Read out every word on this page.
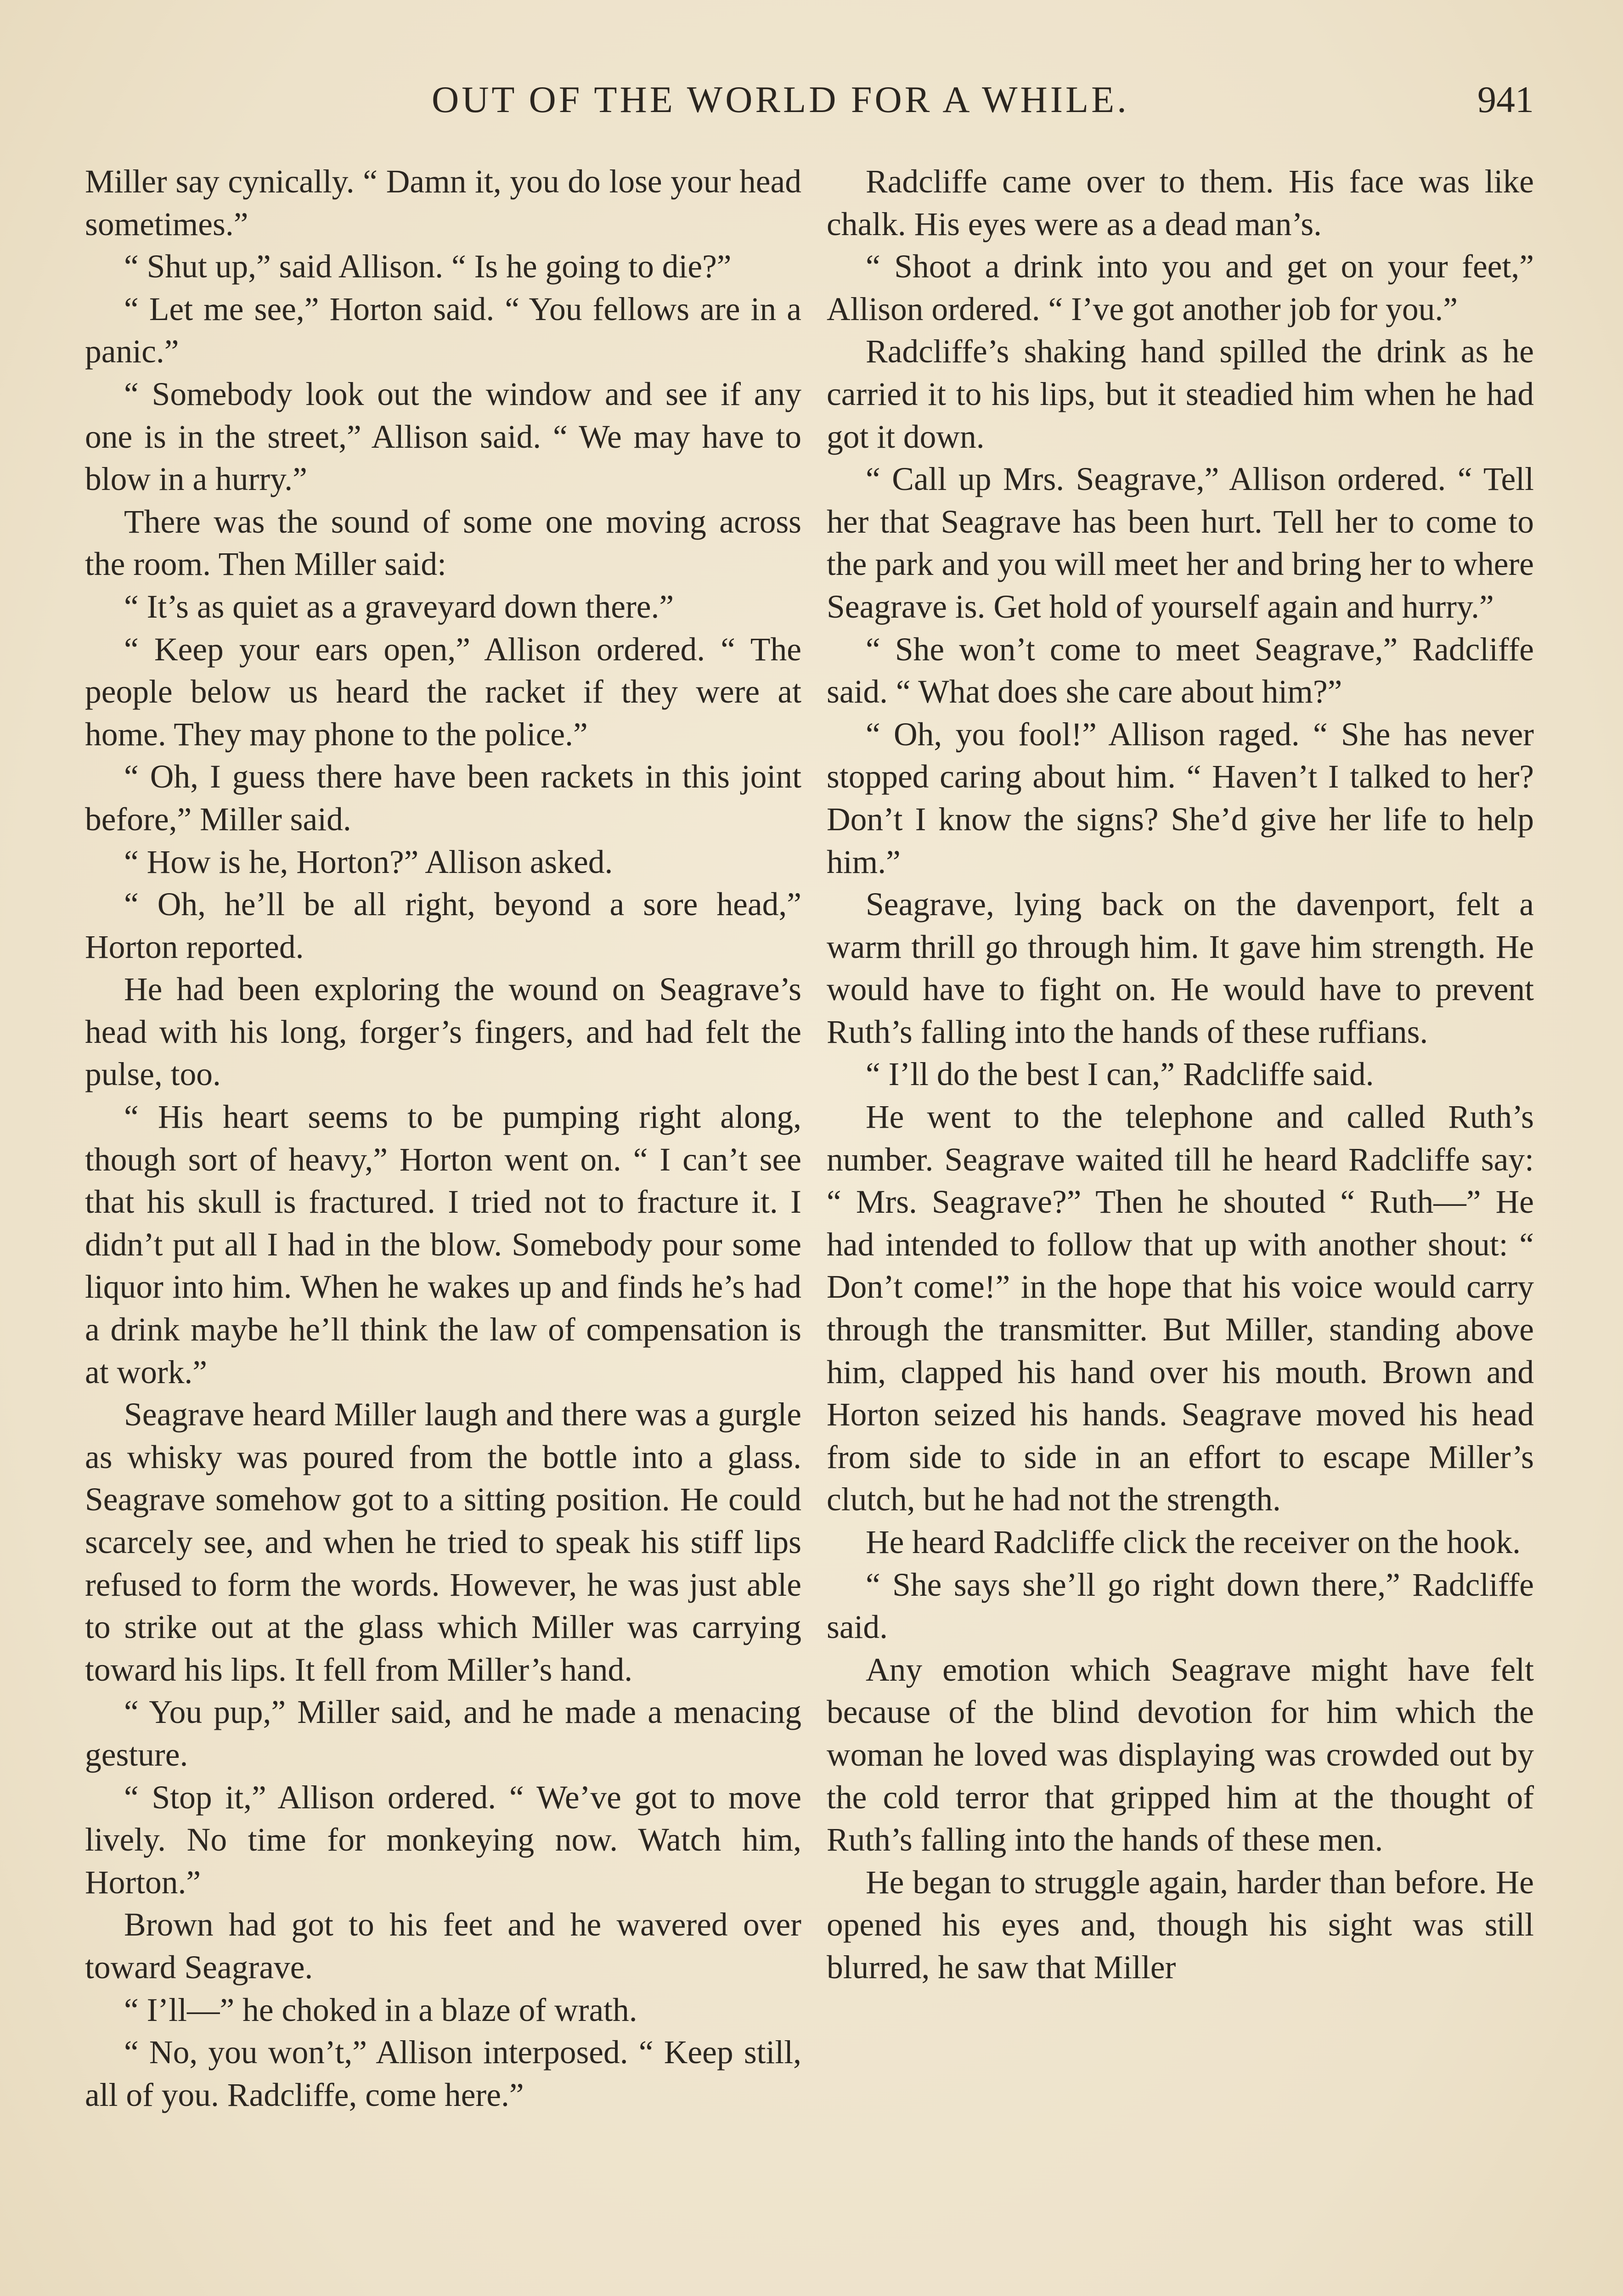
OUT OF THE WORLD FOR A WHILE.	941

Miller say cynically. “ Damn it, you do lose your head sometimes.”

“ Shut up,” said Allison. “ Is he going to die?”

“ Let me see,” Horton said. “ You fellows are in a panic.”

“ Somebody look out the window and see if any one is in the street,” Allison said. “ We may have to blow in a hurry.”

There was the sound of some one moving across the room. Then Miller said:

“ It’s as quiet as a graveyard down there.”

“ Keep your ears open,” Allison ordered. “ The people below us heard the racket if they were at home. They may phone to the police.”

“ Oh, I guess there have been rackets in this joint before,” Miller said.

“ How is he, Horton?” Allison asked.

“ Oh, he’ll be all right, beyond a sore head,” Horton reported.

He had been exploring the wound on Seagrave’s head with his long, forger’s fingers, and had felt the pulse, too.

“ His heart seems to be pumping right along, though sort of heavy,” Horton went on. “ I can’t see that his skull is fractured. I tried not to fracture it. I didn’t put all I had in the blow. Somebody pour some liquor into him. When he wakes up and finds he’s had a drink maybe he’ll think the law of compensation is at work.”

Seagrave heard Miller laugh and there was a gurgle as whisky was poured from the bottle into a glass. Seagrave somehow got to a sitting position. He could scarcely see, and when he tried to speak his stiff lips refused to form the words. However, he was just able to strike out at the glass which Miller was carrying toward his lips. It fell from Miller’s hand.

“ You pup,” Miller said, and he made a menacing gesture.

“ Stop it,” Allison ordered. “ We’ve got to move lively. No time for monkeying now. Watch him, Horton.”

Brown had got to his feet and he wavered over toward Seagrave.

“ I’ll—” he choked in a blaze of wrath.

“ No, you won’t,” Allison interposed. “ Keep still, all of you. Radcliffe, come here.”

Radcliffe came over to them. His face was like chalk. His eyes were as a dead man’s.

“ Shoot a drink into you and get on your feet,” Allison ordered. “ I’ve got another job for you.”

Radcliffe’s shaking hand spilled the drink as he carried it to his lips, but it steadied him when he had got it down.

“ Call up Mrs. Seagrave,” Allison ordered. “ Tell her that Seagrave has been hurt. Tell her to come to the park and you will meet her and bring her to where Seagrave is. Get hold of yourself again and hurry.”

“ She won’t come to meet Seagrave,” Radcliffe said. “ What does she care about him?”

“ Oh, you fool!” Allison raged. “ She has never stopped caring about him. “ Haven’t I talked to her? Don’t I know the signs? She’d give her life to help him.”

Seagrave, lying back on the davenport, felt a warm thrill go through him. It gave him strength. He would have to fight on. He would have to prevent Ruth’s falling into the hands of these ruffians.

“ I’ll do the best I can,” Radcliffe said.

He went to the telephone and called Ruth’s number. Seagrave waited till he heard Radcliffe say: “ Mrs. Seagrave?” Then he shouted “ Ruth—” He had intended to follow that up with another shout: “ Don’t come!” in the hope that his voice would carry through the transmitter. But Miller, standing above him, clapped his hand over his mouth. Brown and Horton seized his hands. Seagrave moved his head from side to side in an effort to escape Miller’s clutch, but he had not the strength.

He heard Radcliffe click the receiver on the hook.

“ She says she’ll go right down there,” Radcliffe said.

Any emotion which Seagrave might have felt because of the blind devotion for him which the woman he loved was displaying was crowded out by the cold terror that gripped him at the thought of Ruth’s falling into the hands of these men.

He began to struggle again, harder than before. He opened his eyes and, though his sight was still blurred, he saw that Miller
